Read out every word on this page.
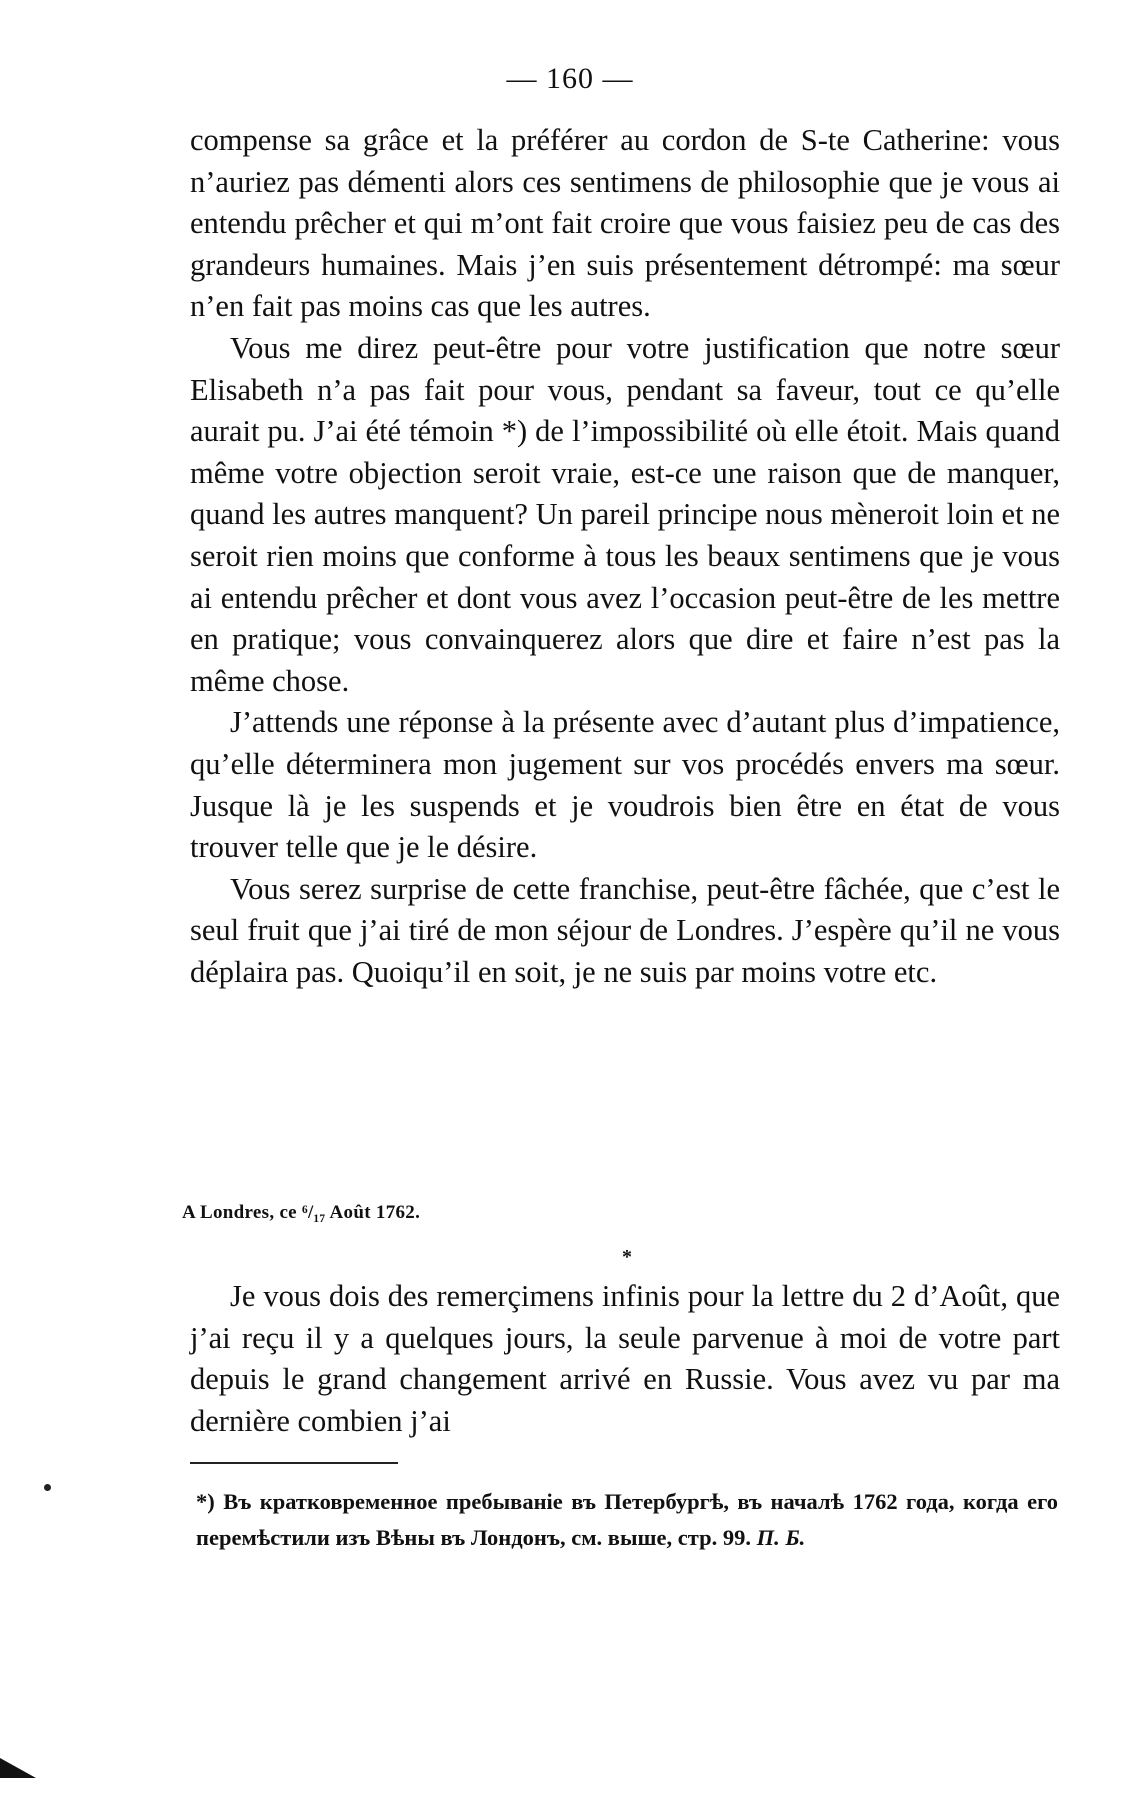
— 160 —

compense sa grâce et la préférer au cordon de S-te Catherine: vous n’auriez pas démenti alors ces sentimens de philosophie que je vous ai entendu prêcher et qui m’ont fait croire que vous faisiez peu de cas des grandeurs humaines. Mais j’en suis présentement détrompé: ma sœur n’en fait pas moins cas que les autres.

Vous me direz peut-être pour votre justification que notre sœur Elisabeth n’a pas fait pour vous, pendant sa faveur, tout ce qu’elle aurait pu. J’ai été témoin *) de l’impossibilité où elle étoit. Mais quand même votre objection seroit vraie, est-ce une raison que de manquer, quand les autres manquent? Un pareil principe nous mèneroit loin et ne seroit rien moins que conforme à tous les beaux sentimens que je vous ai entendu prêcher et dont vous avez l’occasion peut-être de les mettre en pratique; vous convainquerez alors que dire et faire n’est pas la même chose.

J’attends une réponse à la présente avec d’autant plus d’impatience, qu’elle déterminera mon jugement sur vos procédés envers ma sœur. Jusque là je les suspends et je voudrois bien être en état de vous trouver telle que je le désire.

Vous serez surprise de cette franchise, peut-être fâchée, que c’est le seul fruit que j’ai tiré de mon séjour de Londres. J’espère qu’il ne vous déplaira pas. Quoiqu’il en soit, je ne suis par moins votre etc.

A Londres, ce ⁶/₁₇ Août 1762.
*

Je vous dois des remerçimens infinis pour la lettre du 2 d’Août, que j’ai reçu il y a quelques jours, la seule parvenue à moi de votre part depuis le grand changement arrivé en Russie. Vous avez vu par ma dernière combien j’ai

*) Въ кратковременное пребываніе въ Петербургѣ, въ началѣ 1762 года, когда его перемѣстили изъ Вѣны въ Лондонъ, см. выше, стр. 99. П. Б.
